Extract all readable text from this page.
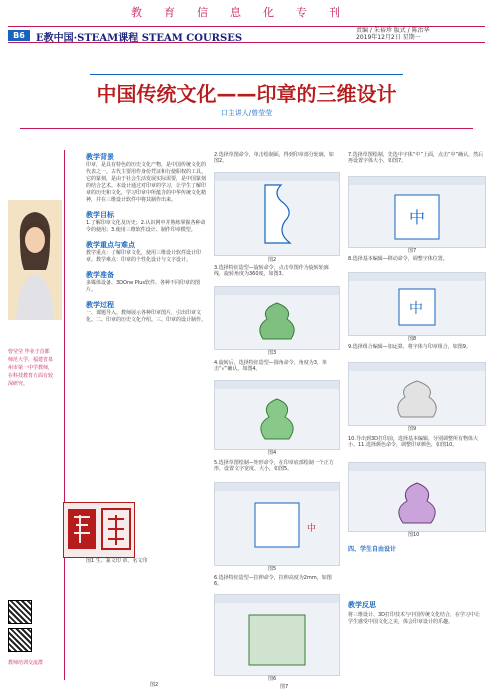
教育信息化专刊
B6	E教中国·STEAM课程 STEAM COURSES
责编 / 朱裕珍 版式 / 陈治华
2019年12月2日 星期一
中国传统文化——印章的三维设计
口主讲人/曾莹莹
曾莹莹 毕业于首都师范大学，福建省泉州市第一中学教师，在科技教育方面有较深研究。

教师培训交流群
教学背景
印章，是具有特色的历史文化产物，是中国传统文化的代表之一。古代主要用作身份凭证和行使职权的工具。它的篆刻，是由于社会生活发展实际需要，是中国篆刻的结合艺术。本设计通过对印章的学习，让学生了解印章的历史和文化，学习印章中所蕴含的中华传统文化精神，并在三维设计软件中将其制作出来。
教学目标
1.了解印章文化及历史；2.认识网中并熟练掌握各种命令的使用；3.使用三维软件设计、制作印章模型。
教学重点与难点
教学重点：了解印章文化，使用三维设计软件设计印章。教学难点：印章的个性化设计与文字设计。
教学准备
多媒体设备、3DOne Plus软件、各种不同印章的图片。
教学过程
一、课题导入。教师展示各种印章图片，引出印章文化。二、印章的历史文化介绍。三、印章的设计制作。
图1 生、篆文印 章、名文印
2.选择草图命令，单击绘制面，得到印章部分轮廓，如图2。
图2
3.选择特征造型—旋转命令，点击草图作为旋转轮廓线，旋转角度为360度，如图3。
图3
4.旋转后，选择特征造型—圆角命令，角度为3，单击“√”确认，如图4。
图4
5.选择草图绘制—矩形命令，在印章底部绘制一个正方形，设置文字宽度、大小，如图5。
中
图5
6.选择特征造型—拉伸命令，拉伸高度为2mm，如图6。
图6
7.选择草图绘制，先选中字体“中”上面，点击“中”确认，然后再设置字体大小，如图7。
中
图7
8.选择基本编辑—移动命令，调整字体位置。
中
图8
9.选择组合编辑—加运算，将字体与印章组合，如图9。
图9
10.导出到3D打印前，选择基本编辑，分别调整所有物体大小。11.选择颜色命令，调整印章颜色，如图10。
图10
四、学生自由设计
教学反思
将三维设计、3D打印技术与中国传统文化结合，在学习中让学生感受中国文化之美，体会印章设计的乐趣。
图2	图7
